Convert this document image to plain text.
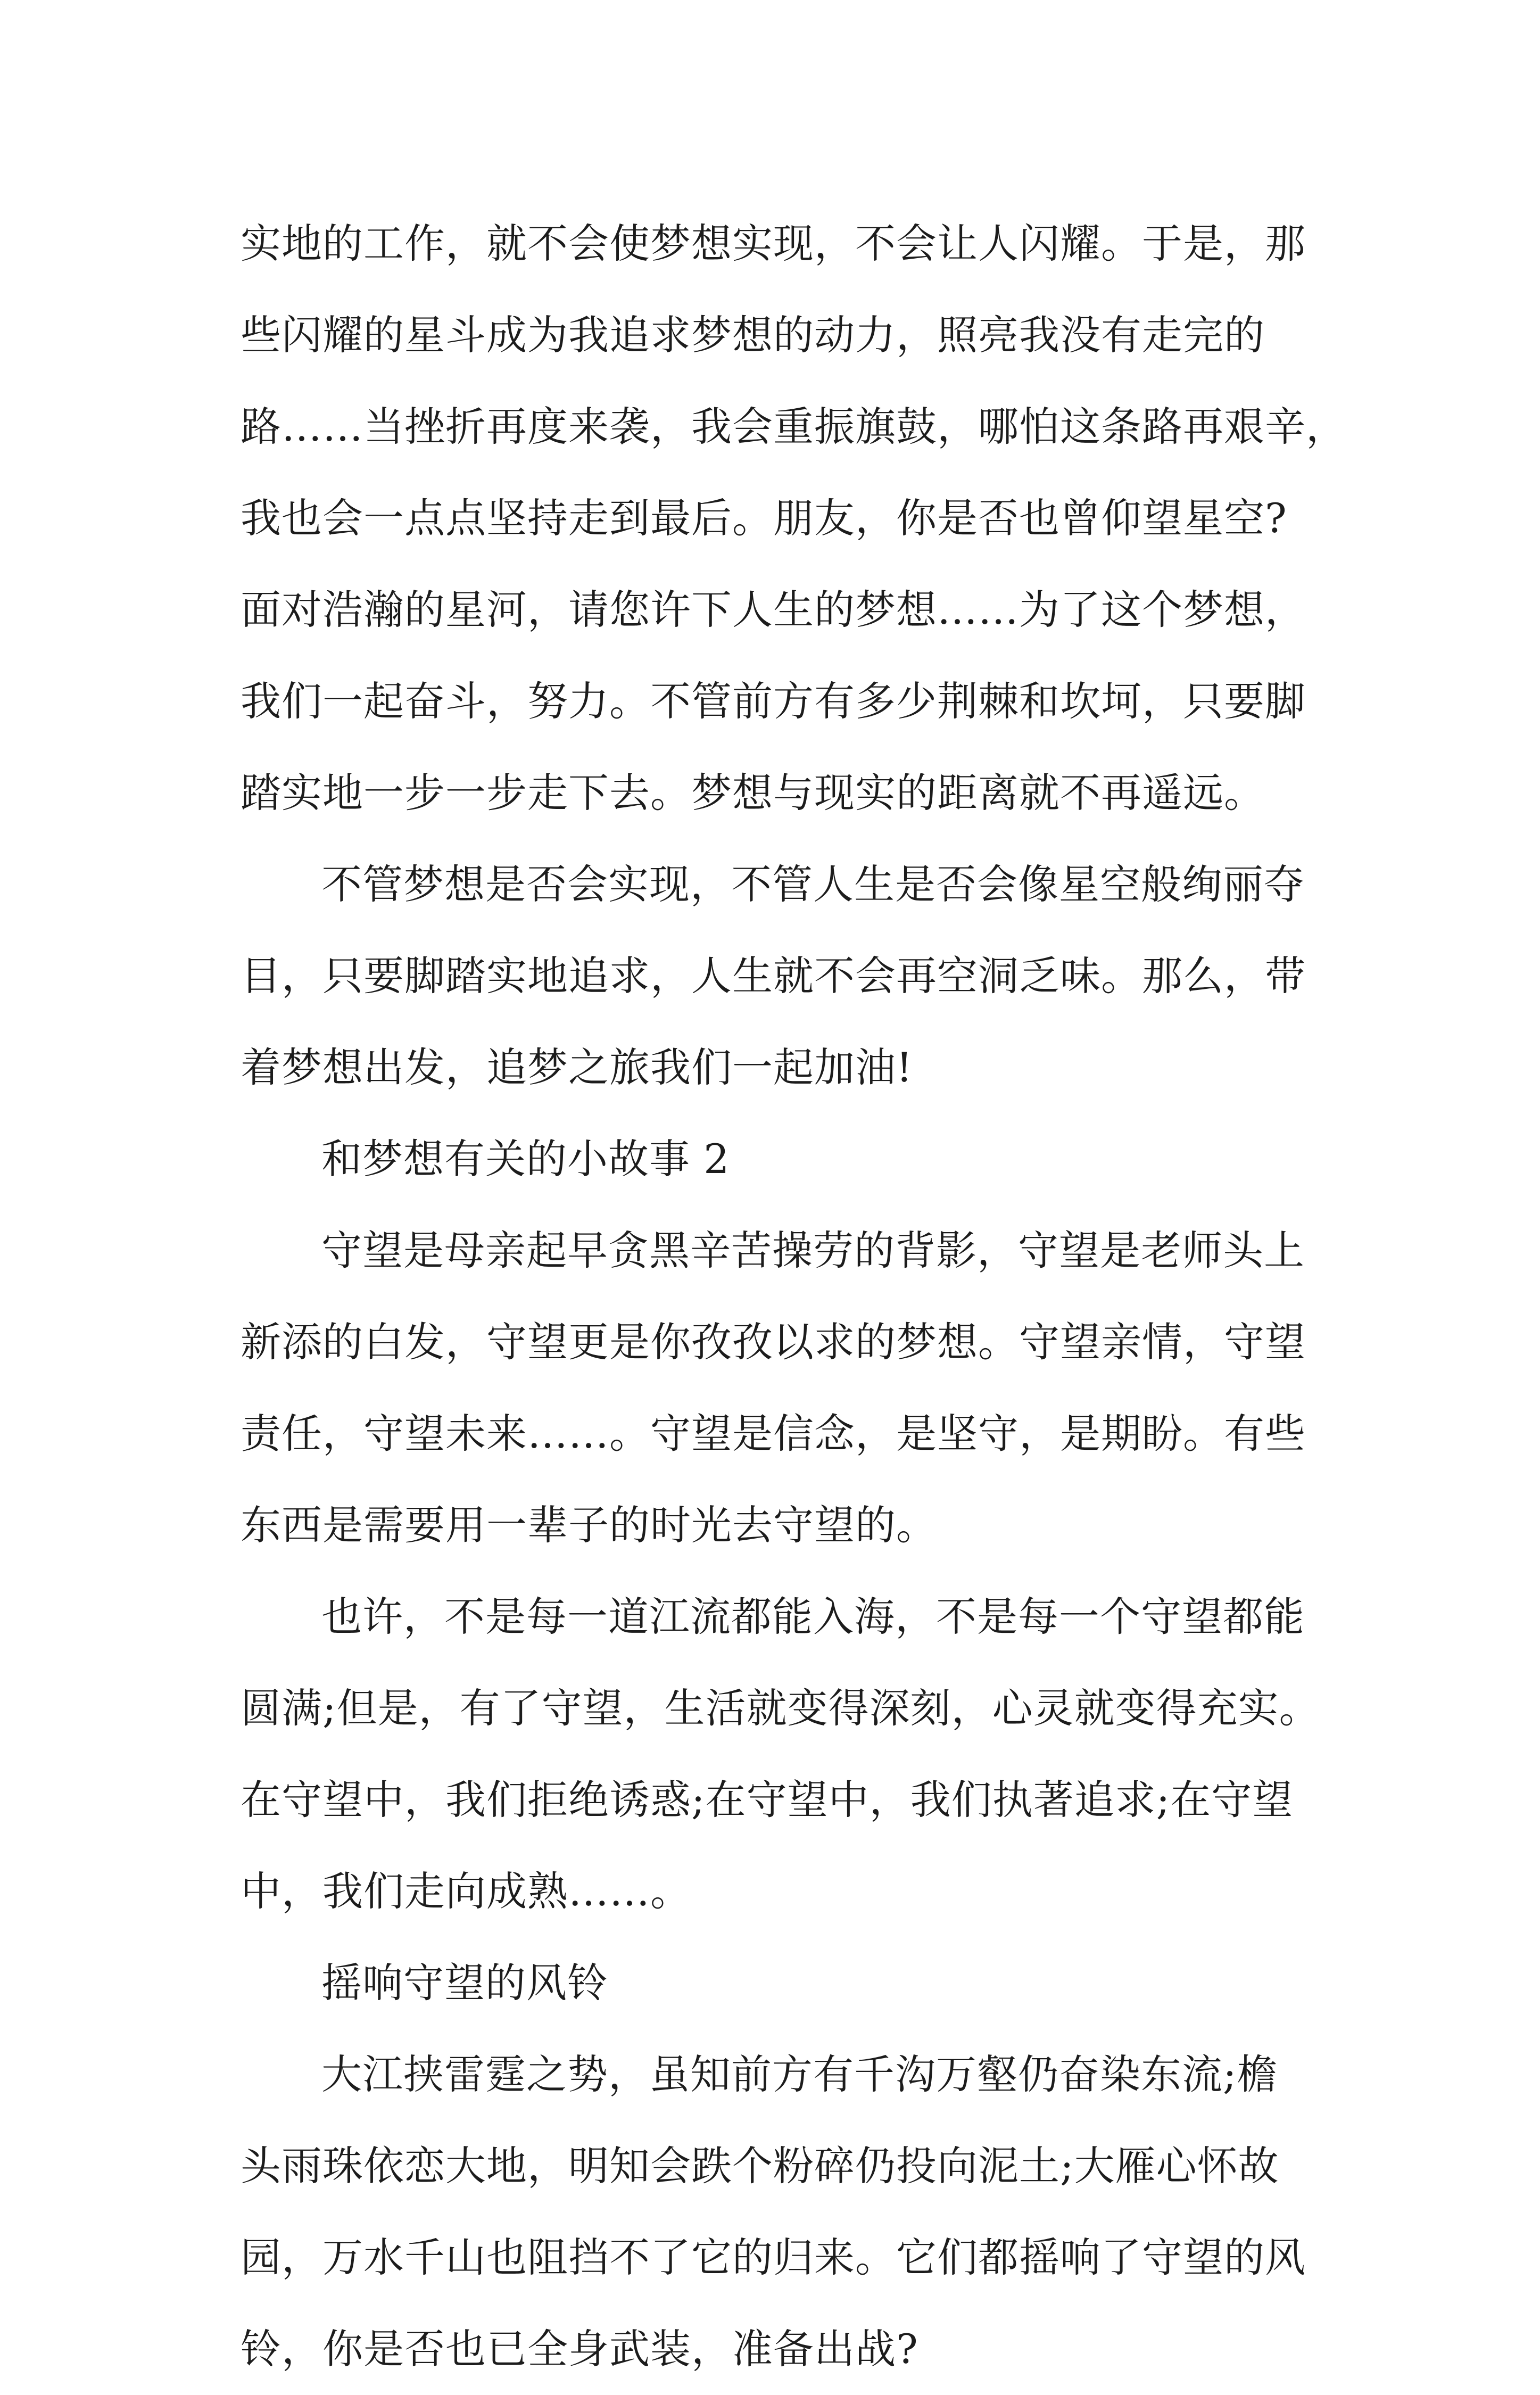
实地的工作，就不会使梦想实现，不会让人闪耀。于是，那
些闪耀的星斗成为我追求梦想的动力，照亮我没有走完的
路……当挫折再度来袭，我会重振旗鼓，哪怕这条路再艰辛，
我也会一点点坚持走到最后。朋友，你是否也曾仰望星空?
面对浩瀚的星河，请您许下人生的梦想……为了这个梦想，
我们一起奋斗，努力。不管前方有多少荆棘和坎坷，只要脚
踏实地一步一步走下去。梦想与现实的距离就不再遥远。
不管梦想是否会实现，不管人生是否会像星空般绚丽夺
目，只要脚踏实地追求，人生就不会再空洞乏味。那么，带
着梦想出发，追梦之旅我们一起加油!
和梦想有关的小故事 2
守望是母亲起早贪黑辛苦操劳的背影，守望是老师头上
新添的白发，守望更是你孜孜以求的梦想。守望亲情，守望
责任，守望未来……。守望是信念，是坚守，是期盼。有些
东西是需要用一辈子的时光去守望的。
也许，不是每一道江流都能入海，不是每一个守望都能
圆满;但是，有了守望，生活就变得深刻，心灵就变得充实。
在守望中，我们拒绝诱惑;在守望中，我们执著追求;在守望
中，我们走向成熟……。
摇响守望的风铃
大江挟雷霆之势，虽知前方有千沟万壑仍奋染东流;檐
头雨珠依恋大地，明知会跌个粉碎仍投向泥土;大雁心怀故
园，万水千山也阻挡不了它的归来。它们都摇响了守望的风
铃，你是否也已全身武装，准备出战?
